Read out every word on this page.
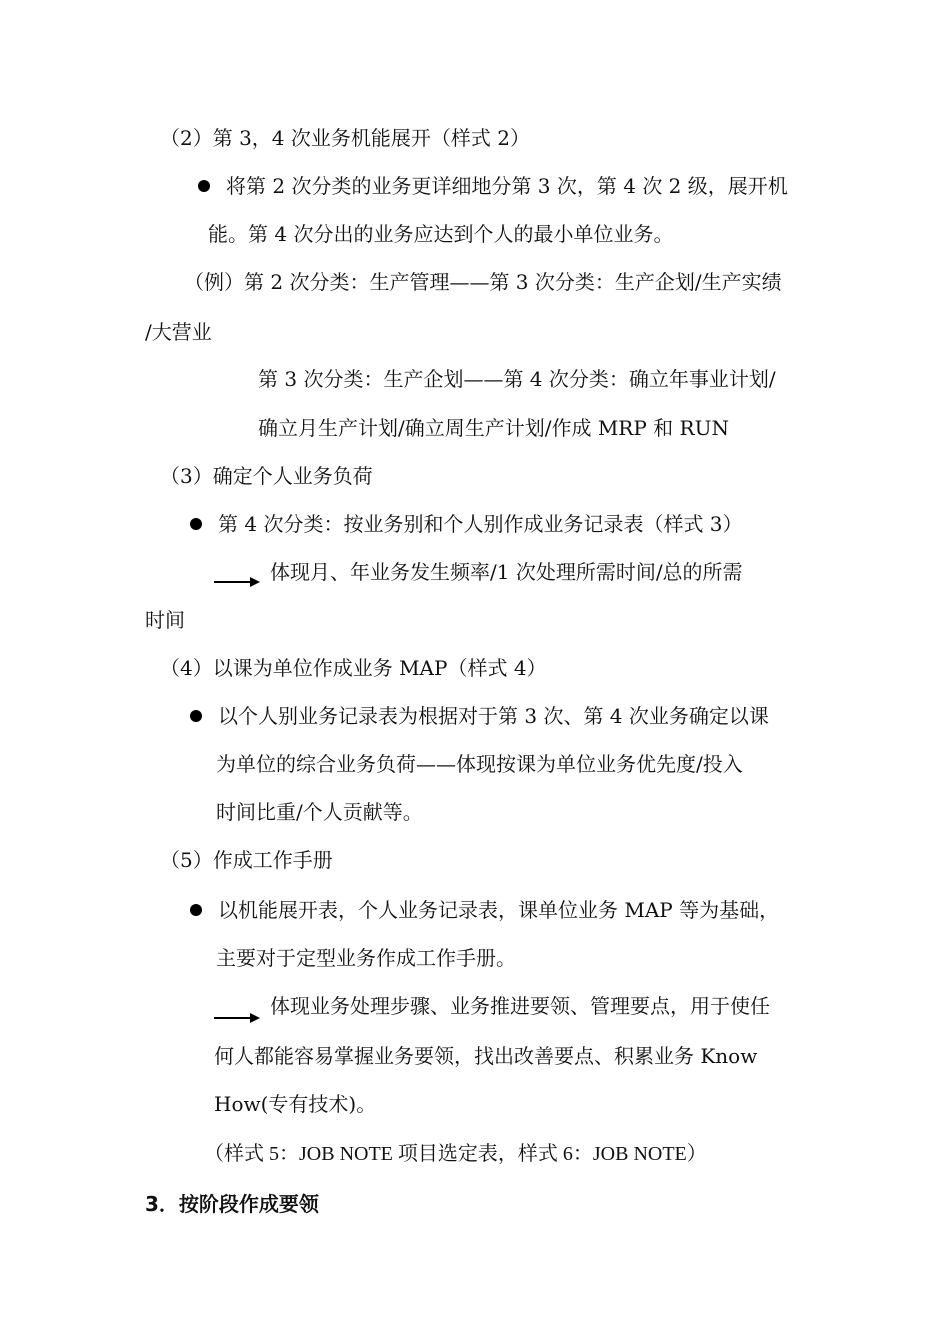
（2）第 3，4 次业务机能展开（样式 2）
将第 2 次分类的业务更详细地分第 3 次，第 4 次 2 级，展开机
能。第 4 次分出的业务应达到个人的最小单位业务。
（例）第 2 次分类：生产管理——第 3 次分类：生产企划/生产实绩
/大营业
第 3 次分类：生产企划——第 4 次分类：确立年事业计划/
确立月生产计划/确立周生产计划/作成 MRP 和 RUN
（3）确定个人业务负荷
第 4 次分类：按业务别和个人别作成业务记录表（样式 3）
体现月、年业务发生频率/1 次处理所需时间/总的所需
时间
（4）以课为单位作成业务 MAP（样式 4）
以个人别业务记录表为根据对于第 3 次、第 4 次业务确定以课
为单位的综合业务负荷——体现按课为单位业务优先度/投入
时间比重/个人贡献等。
（5）作成工作手册
以机能展开表，个人业务记录表，课单位业务 MAP 等为基础，
主要对于定型业务作成工作手册。
体现业务处理步骤、业务推进要领、管理要点，用于使任
何人都能容易掌握业务要领，找出改善要点、积累业务 Know
How(专有技术)。
（样式 5：JOB NOTE 项目选定表，样式 6：JOB NOTE）
3．按阶段作成要领
